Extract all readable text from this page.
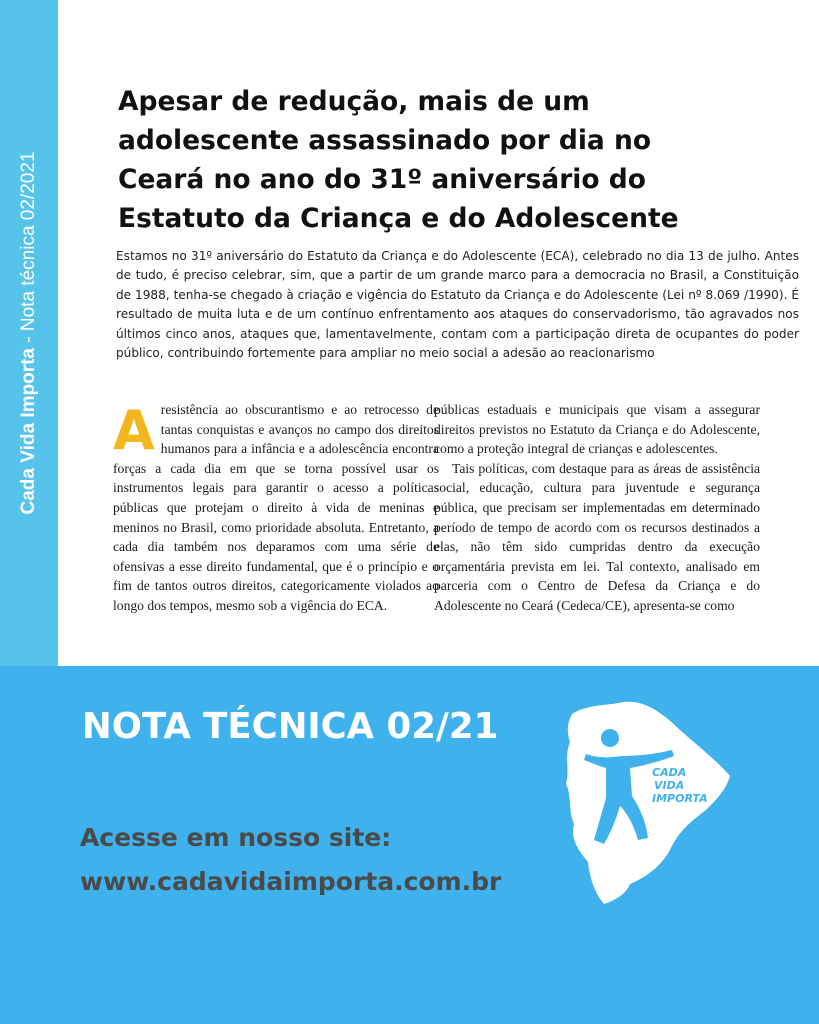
Cada Vida Importa - Nota técnica 02/2021
Apesar de redução, mais de um
adolescente assassinado por dia no
Ceará no ano do 31º aniversário do
Estatuto da Criança e do Adolescente

Estamos no 31º aniversário do Estatuto da Criança e do Adolescente (ECA), celebrado no dia 13 de julho. Antes de tudo, é preciso celebrar, sim, que a partir de um grande marco para a democracia no Brasil, a Constituição de 1988, tenha-se chegado à criação e vigência do Estatuto da Criança e do Adolescente (Lei nº 8.069 /1990). É resultado de muita luta e de um contínuo enfrentamento aos ataques do conservadorismo, tão agravados nos últimos cinco anos, ataques que, lamentavelmente, contam com a participação direta de ocupantes do poder público, contribuindo fortemente para ampliar no meio social a adesão ao reacionarismo

A resistência ao obscurantismo e ao retrocesso de tantas conquistas e avanços no campo dos direitos humanos para a infância e a adolescência encontra forças a cada dia em que se torna possível usar os instrumentos legais para garantir o acesso a políticas públicas que protejam o direito à vida de meninas e meninos no Brasil, como prioridade absoluta. Entretanto, a cada dia também nos deparamos com uma série de ofensivas a esse direito fundamental, que é o princípio e o fim de tantos outros direitos, categoricamente violados ao longo dos tempos, mesmo sob a vigência do ECA.

públicas estaduais e municipais que visam a assegurar direitos previstos no Estatuto da Criança e do Adolescente, como a proteção integral de crianças e adolescentes.

Tais políticas, com destaque para as áreas de assistência social, educação, cultura para juventude e segurança pública, que precisam ser implementadas em determinado período de tempo de acordo com os recursos destinados a elas, não têm sido cumpridas dentro da execução orçamentária prevista em lei. Tal contexto, analisado em parceria com o Centro de Defesa da Criança e do Adolescente no Ceará (Cedeca/CE), apresenta-se como

NOTA TÉCNICA 02/21

Acesse em nosso site:
www.cadavidaimporta.com.br

CADA
VIDA
IMPORTA
